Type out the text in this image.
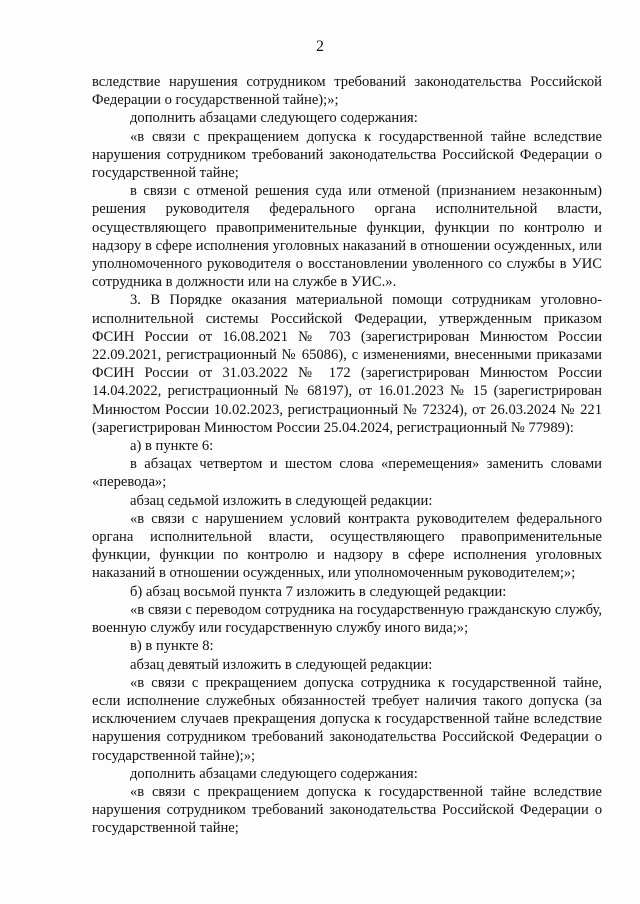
2

вследствие нарушения сотрудником требований законодательства Российской Федерации о государственной тайне);»;

дополнить абзацами следующего содержания:

«в связи с прекращением допуска к государственной тайне вследствие нарушения сотрудником требований законодательства Российской Федерации о государственной тайне;

в связи с отменой решения суда или отменой (признанием незаконным) решения руководителя федерального органа исполнительной власти, осуществляющего правоприменительные функции, функции по контролю и надзору в сфере исполнения уголовных наказаний в отношении осужденных, или уполномоченного руководителя о восстановлении уволенного со службы в УИС сотрудника в должности или на службе в УИС.».

3. В Порядке оказания материальной помощи сотрудникам уголовно-исполнительной системы Российской Федерации, утвержденным приказом ФСИН России от 16.08.2021 № 703 (зарегистрирован Минюстом России 22.09.2021, регистрационный № 65086), с изменениями, внесенными приказами ФСИН России от 31.03.2022 № 172 (зарегистрирован Минюстом России 14.04.2022, регистрационный № 68197), от 16.01.2023 № 15 (зарегистрирован Минюстом России 10.02.2023, регистрационный № 72324), от 26.03.2024 № 221 (зарегистрирован Минюстом России 25.04.2024, регистрационный № 77989):

а) в пункте 6:

в абзацах четвертом и шестом слова «перемещения» заменить словами «перевода»;

абзац седьмой изложить в следующей редакции:

«в связи с нарушением условий контракта руководителем федерального органа исполнительной власти, осуществляющего правоприменительные функции, функции по контролю и надзору в сфере исполнения уголовных наказаний в отношении осужденных, или уполномоченным руководителем;»;

б) абзац восьмой пункта 7 изложить в следующей редакции:

«в связи с переводом сотрудника на государственную гражданскую службу, военную службу или государственную службу иного вида;»;

в) в пункте 8:

абзац девятый изложить в следующей редакции:

«в связи с прекращением допуска сотрудника к государственной тайне, если исполнение служебных обязанностей требует наличия такого допуска (за исключением случаев прекращения допуска к государственной тайне вследствие нарушения сотрудником требований законодательства Российской Федерации о государственной тайне);»;

дополнить абзацами следующего содержания:

«в связи с прекращением допуска к государственной тайне вследствие нарушения сотрудником требований законодательства Российской Федерации о государственной тайне;
